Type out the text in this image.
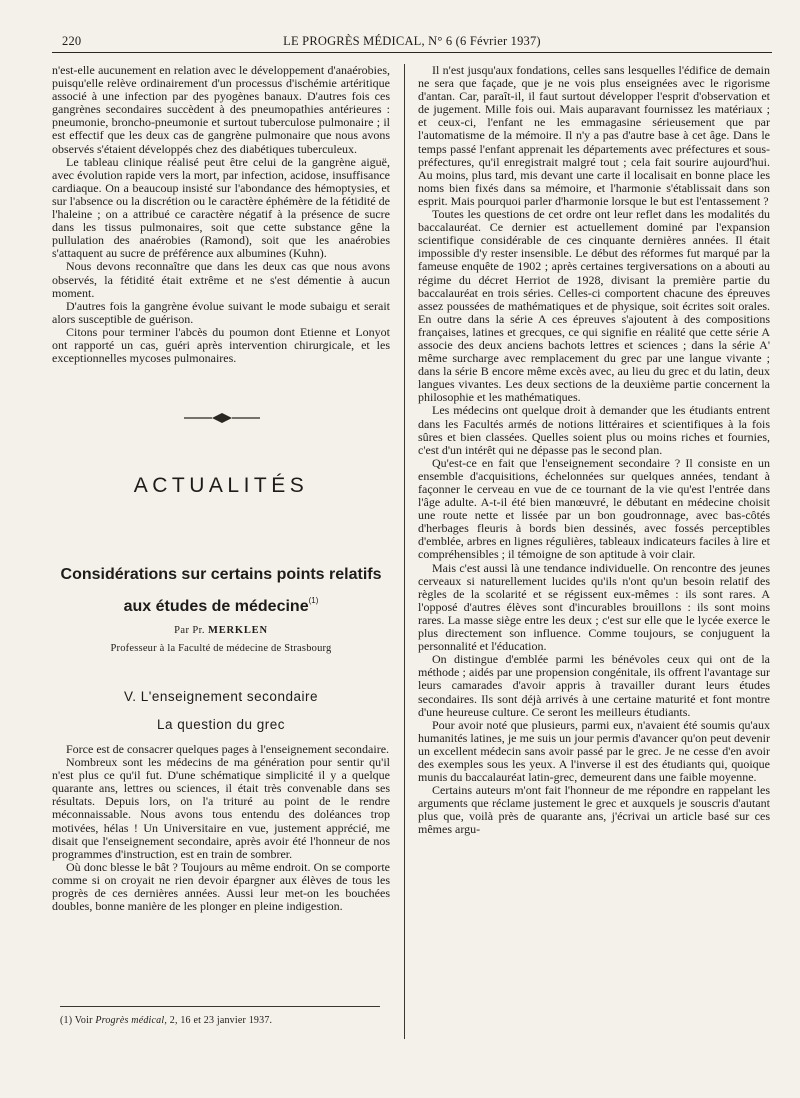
220	LE PROGRÈS MÉDICAL, N° 6 (6 Février 1937)

n'est-elle aucunement en relation avec le développement d'anaérobies, puisqu'elle relève ordinairement d'un processus d'ischémie artéritique associé à une infection par des pyogènes banaux. D'autres fois ces gangrènes secondaires succèdent à des pneumopathies antérieures : pneumonie, broncho-pneumonie et surtout tuberculose pulmonaire ; il est effectif que les deux cas de gangrène pulmonaire que nous avons observés s'étaient développés chez des diabétiques tuberculeux.

Le tableau clinique réalisé peut être celui de la gangrène aiguë, avec évolution rapide vers la mort, par infection, acidose, insuffisance cardiaque. On a beaucoup insisté sur l'abondance des hémoptysies, et sur l'absence ou la discrétion ou le caractère éphémère de la fétidité de l'haleine ; on a attribué ce caractère négatif à la présence de sucre dans les tissus pulmonaires, soit que cette substance gêne la pullulation des anaérobies (Ramond), soit que les anaérobies s'attaquent au sucre de préférence aux albumines (Kuhn).

Nous devons reconnaître que dans les deux cas que nous avons observés, la fétidité était extrême et ne s'est démentie à aucun moment.

D'autres fois la gangrène évolue suivant le mode subaigu et serait alors susceptible de guérison.

Citons pour terminer l'abcès du poumon dont Etienne et Lonyot ont rapporté un cas, guéri après intervention chirurgicale, et les exceptionnelles mycoses pulmonaires.

ACTUALITÉS
Considérations sur certains points relatifs
aux études de médecine$^{(1)}$
Par Pr. MERKLEN
Professeur à la Faculté de médecine de Strasbourg
V. L'enseignement secondaire
La question du grec

Force est de consacrer quelques pages à l'enseignement secondaire.

Nombreux sont les médecins de ma génération pour sentir qu'il n'est plus ce qu'il fut. D'une schématique simplicité il y a quelque quarante ans, lettres ou sciences, il était très convenable dans ses résultats. Depuis lors, on l'a trituré au point de le rendre méconnaissable. Nous avons tous entendu des doléances trop motivées, hélas ! Un Universitaire en vue, justement apprécié, me disait que l'enseignement secondaire, après avoir été l'honneur de nos programmes d'instruction, est en train de sombrer.

Où donc blesse le bât ? Toujours au même endroit. On se comporte comme si on croyait ne rien devoir épargner aux élèves de tous les progrès de ces dernières années. Aussi leur met-on les bouchées doubles, bonne manière de les plonger en pleine indigestion.

(1) Voir Progrès médical, 2, 16 et 23 janvier 1937.

Il n'est jusqu'aux fondations, celles sans lesquelles l'édifice de demain ne sera que façade, que je ne vois plus enseignées avec le rigorisme d'antan. Car, paraît-il, il faut surtout développer l'esprit d'observation et de jugement. Mille fois oui. Mais auparavant fournissez les matériaux ; et ceux-ci, l'enfant ne les emmagasine sérieusement que par l'automatisme de la mémoire. Il n'y a pas d'autre base à cet âge. Dans le temps passé l'enfant apprenait les départements avec préfectures et sous-préfectures, qu'il enregistrait malgré tout ; cela fait sourire aujourd'hui. Au moins, plus tard, mis devant une carte il localisait en bonne place les noms bien fixés dans sa mémoire, et l'harmonie s'établissait dans son esprit. Mais pourquoi parler d'harmonie lorsque le but est l'entassement ?

Toutes les questions de cet ordre ont leur reflet dans les modalités du baccalauréat. Ce dernier est actuellement dominé par l'expansion scientifique considérable de ces cinquante dernières années. Il était impossible d'y rester insensible. Le début des réformes fut marqué par la fameuse enquête de 1902 ; après certaines tergiversations on a abouti au régime du décret Herriot de 1928, divisant la première partie du baccalauréat en trois séries. Celles-ci comportent chacune des épreuves assez poussées de mathématiques et de physique, soit écrites soit orales. En outre dans la série A ces épreuves s'ajoutent à des compositions françaises, latines et grecques, ce qui signifie en réalité que cette série A associe des deux anciens bachots lettres et sciences ; dans la série A' même surcharge avec remplacement du grec par une langue vivante ; dans la série B encore même excès avec, au lieu du grec et du latin, deux langues vivantes. Les deux sections de la deuxième partie concernent la philosophie et les mathématiques.

Les médecins ont quelque droit à demander que les étudiants entrent dans les Facultés armés de notions littéraires et scientifiques à la fois sûres et bien classées. Quelles soient plus ou moins riches et fournies, c'est d'un intérêt qui ne dépasse pas le second plan.

Qu'est-ce en fait que l'enseignement secondaire ? Il consiste en un ensemble d'acquisitions, échelonnées sur quelques années, tendant à façonner le cerveau en vue de ce tournant de la vie qu'est l'entrée dans l'âge adulte. A-t-il été bien manœuvré, le débutant en médecine choisit une route nette et lissée par un bon goudronnage, avec bas-côtés d'herbages fleuris à bords bien dessinés, avec fossés perceptibles d'emblée, arbres en lignes régulières, tableaux indicateurs faciles à lire et compréhensibles ; il témoigne de son aptitude à voir clair.

Mais c'est aussi là une tendance individuelle. On rencontre des jeunes cerveaux si naturellement lucides qu'ils n'ont qu'un besoin relatif des règles de la scolarité et se régissent eux-mêmes : ils sont rares. A l'opposé d'autres élèves sont d'incurables brouillons : ils sont moins rares. La masse siège entre les deux ; c'est sur elle que le lycée exerce le plus directement son influence. Comme toujours, se conjuguent la personnalité et l'éducation.

On distingue d'emblée parmi les bénévoles ceux qui ont de la méthode ; aidés par une propension congénitale, ils offrent l'avantage sur leurs camarades d'avoir appris à travailler durant leurs études secondaires. Ils sont déjà arrivés à une certaine maturité et font montre d'une heureuse culture. Ce seront les meilleurs étudiants.

Pour avoir noté que plusieurs, parmi eux, n'avaient été soumis qu'aux humanités latines, je me suis un jour permis d'avancer qu'on peut devenir un excellent médecin sans avoir passé par le grec. Je ne cesse d'en avoir des exemples sous les yeux. A l'inverse il est des étudiants qui, quoique munis du baccalauréat latin-grec, demeurent dans une faible moyenne.

Certains auteurs m'ont fait l'honneur de me répondre en rappelant les arguments que réclame justement le grec et auxquels je souscris d'autant plus que, voilà près de quarante ans, j'écrivai un article basé sur ces mêmes argu-
